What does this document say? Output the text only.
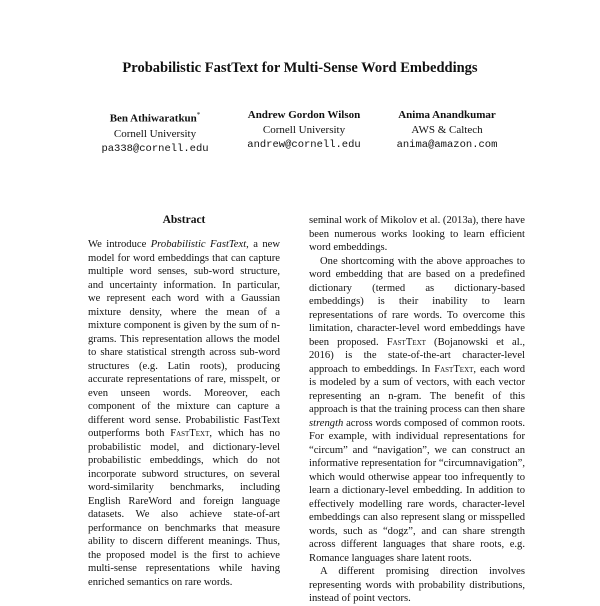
Probabilistic FastText for Multi-Sense Word Embeddings
Ben Athiwaratkun*
Cornell University
pa338@cornell.edu
Andrew Gordon Wilson
Cornell University
andrew@cornell.edu
Anima Anandkumar
AWS & Caltech
anima@amazon.com
Abstract

We introduce Probabilistic FastText, a new model for word embeddings that can capture multiple word senses, sub-word structure, and uncertainty information. In particular, we represent each word with a Gaussian mixture density, where the mean of a mixture component is given by the sum of n-grams. This representation allows the model to share statistical strength across sub-word structures (e.g. Latin roots), producing accurate representations of rare, misspelt, or even unseen words. Moreover, each component of the mixture can capture a different word sense. Probabilistic FastText outperforms both FastText, which has no probabilistic model, and dictionary-level probabilistic embeddings, which do not incorporate subword structures, on several word-similarity benchmarks, including English RareWord and foreign language datasets. We also achieve state-of-art performance on benchmarks that measure ability to discern different meanings. Thus, the proposed model is the first to achieve multi-sense representations while having enriched semantics on rare words.

seminal work of Mikolov et al. (2013a), there have been numerous works looking to learn efficient word embeddings.

One shortcoming with the above approaches to word embedding that are based on a predefined dictionary (termed as dictionary-based embeddings) is their inability to learn representations of rare words. To overcome this limitation, character-level word embeddings have been proposed. FastText (Bojanowski et al., 2016) is the state-of-the-art character-level approach to embeddings. In FastText, each word is modeled by a sum of vectors, with each vector representing an n-gram. The benefit of this approach is that the training process can then share strength across words composed of common roots. For example, with individual representations for “circum” and “navigation”, we can construct an informative representation for “circumnavigation”, which would otherwise appear too infrequently to learn a dictionary-level embedding. In addition to effectively modelling rare words, character-level embeddings can also represent slang or misspelled words, such as “dogz”, and can share strength across different languages that share roots, e.g. Romance languages share latent roots.

A different promising direction involves representing words with probability distributions, instead of point vectors.
